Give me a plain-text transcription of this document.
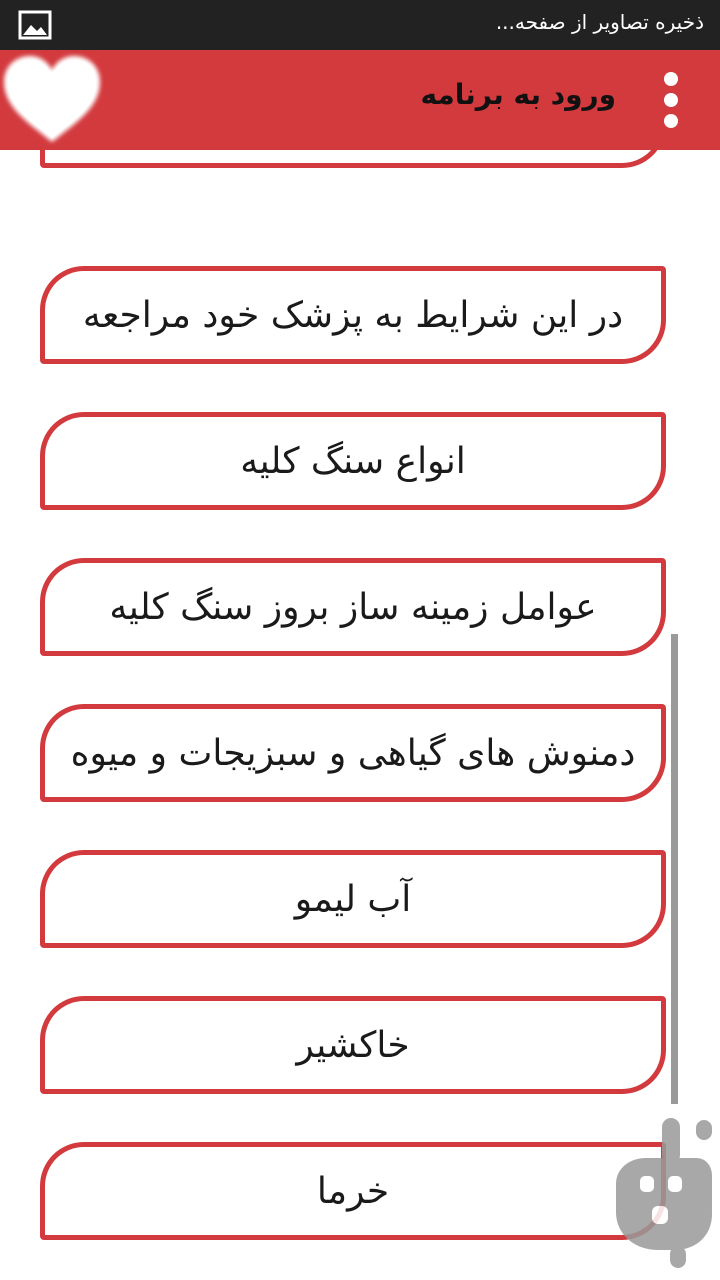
ذخیره تصاویر از صفحه...
ورود به برنامه
در این شرایط به پزشک خود مراجعه
انواع سنگ کلیه
عوامل زمینه ساز بروز سنگ کلیه
دمنوش های گیاهی و سبزیجات و میوه
آب لیمو
خاکشیر
خرما
